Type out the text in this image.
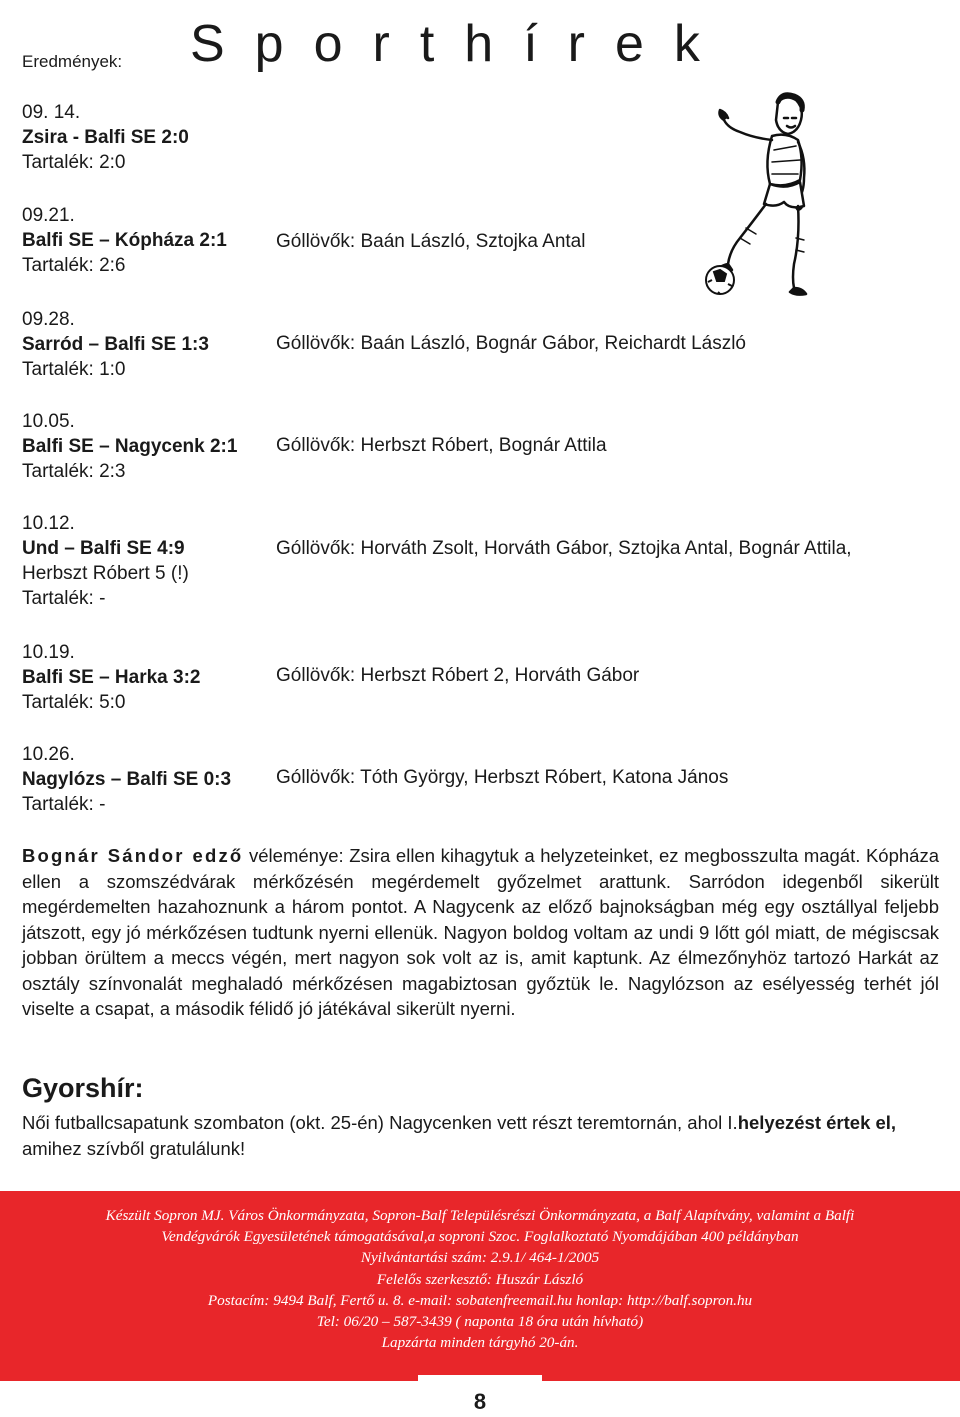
Eredmények: Sporthírek
09. 14.
Zsira - Balfi SE 2:0
Tartalék: 2:0
09.21.
Balfi SE – Kópháza 2:1
Tartalék: 2:6
Góllövők: Baán László, Sztojka Antal
09.28.
Sarród – Balfi SE 1:3
Tartalék: 1:0
Góllövők: Baán László, Bognár Gábor, Reichardt László
10.05.
Balfi SE – Nagycenk 2:1
Tartalék: 2:3
Góllövők: Herbszt Róbert, Bognár Attila
10.12.
Und – Balfi SE 4:9
Herbszt Róbert 5 (!)
Tartalék: -
Góllövők: Horváth Zsolt, Horváth Gábor, Sztojka Antal, Bognár Attila,
10.19.
Balfi SE – Harka 3:2
Tartalék: 5:0
Góllövők: Herbszt Róbert 2, Horváth Gábor
10.26.
Nagylózs – Balfi SE 0:3
Tartalék: -
Góllövők: Tóth György, Herbszt Róbert, Katona János
Bognár Sándor edző véleménye: Zsira ellen kihagytuk a helyzeteinket, ez megbosszulta magát. Kópháza ellen a szomszédvárak mérkőzésén megérdemelt győzelmet arattunk. Sarródon idegenből sikerült megérdemelten hazahoznunk a három pontot. A Nagycenk az előző bajnokságban még egy osztállyal feljebb játszott, egy jó mérkőzésen tudtunk nyerni ellenük. Nagyon boldog voltam az undi 9 lőtt gól miatt, de mégiscsak jobban örültem a meccs végén, mert nagyon sok volt az is, amit kaptunk. Az élmezőnyhöz tartozó Harkát az osztály színvonalát meghaladó mérkőzésen magabiztosan győztük le. Nagylózson az esélyesség terhét jól viselte a csapat, a második félidő jó játékával sikerült nyerni.
Gyorshír:
Női futballcsapatunk szombaton (okt. 25-én) Nagycenken vett részt teremtornán, ahol I.helyezést értek el, amihez szívből gratulálunk!
Készült Sopron MJ. Város Önkormányzata, Sopron-Balf Településrészi Önkormányzata, a Balf Alapítvány, valamint a Balfi
Vendégvárók Egyesületének támogatásával,a soproni Szoc. Foglalkoztató Nyomdájában 400 példányban
Nyilvántartási szám: 2.9.1/ 464-1/2005
Felelős szerkesztő: Huszár László
Postacím: 9494 Balf, Fertő u. 8. e-mail: sobatenfreemail.hu honlap: http://balf.sopron.hu
Tel: 06/20 – 587-3439 ( naponta 18 óra után hívható)
Lapzárta minden tárgyhó 20-án.
8
